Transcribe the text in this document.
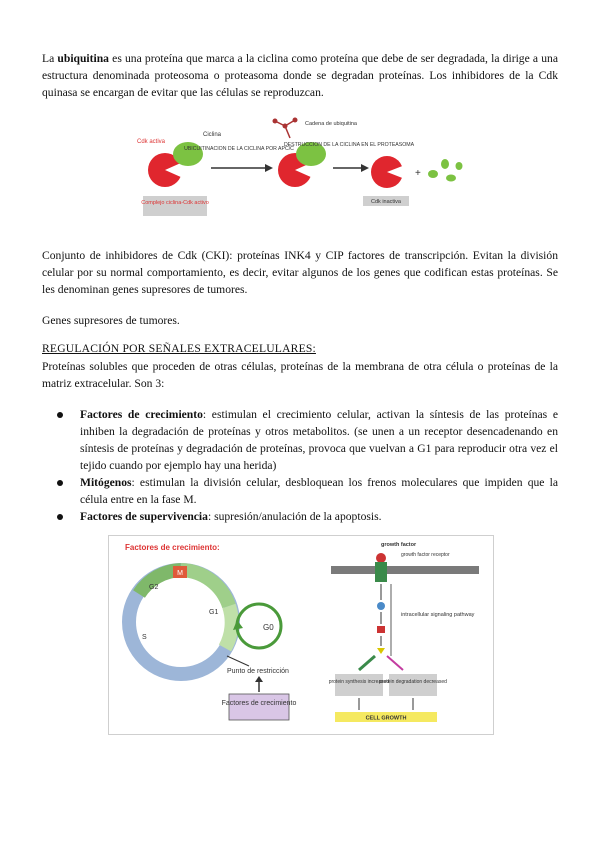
La ubiquitina es una proteína que marca a la ciclina como proteína que debe de ser degradada, la dirige a una estructura denominada proteosoma o proteasoma donde se degradan proteínas. Los inhibidores de la Cdk quinasa se encargan de evitar que las células se reproduzcan.

Cdk activa
Ciclina
Complejo ciclina-Cdk activo
UBICUITINACION DE LA CICLINA POR APC/C
Cadena de ubiquitina
DESTRUCCION DE LA CICLINA EN EL PROTEASOMA
Cdk inactiva
+

Conjunto de inhibidores de Cdk (CKI): proteínas INK4 y CIP factores de transcripción. Evitan la división celular por su normal comportamiento, es decir, evitar algunos de los genes que codifican estas proteínas. Se les denominan genes supresores de tumores.

Genes supresores de tumores.

REGULACIÓN POR SEÑALES EXTRACELULARES:

Proteínas solubles que proceden de otras células, proteínas de la membrana de otra célula o proteínas de la matriz extracelular. Son 3:

Factores de crecimiento: estimulan el crecimiento celular, activan la síntesis de las proteínas e inhiben la degradación de proteínas y otros metabolitos. (se unen a un receptor desencadenando en síntesis de proteínas y degradación de proteínas, provoca que vuelvan a G1 para reproducir otra vez el tejido cuando por ejemplo hay una herida)
Mitógenos: estimulan la división celular, desbloquean los frenos moleculares que impiden que la célula entre en la fase M.
Factores de supervivencia: supresión/anulación de la apoptosis.
Factores de crecimiento:
M
G2
G1
S
G0
Punto de restricción
Factores de crecimiento
growth factor
growth factor receptor
intracellular signaling pathway
protein synthesis increased
protein degradation decreased
CELL GROWTH
